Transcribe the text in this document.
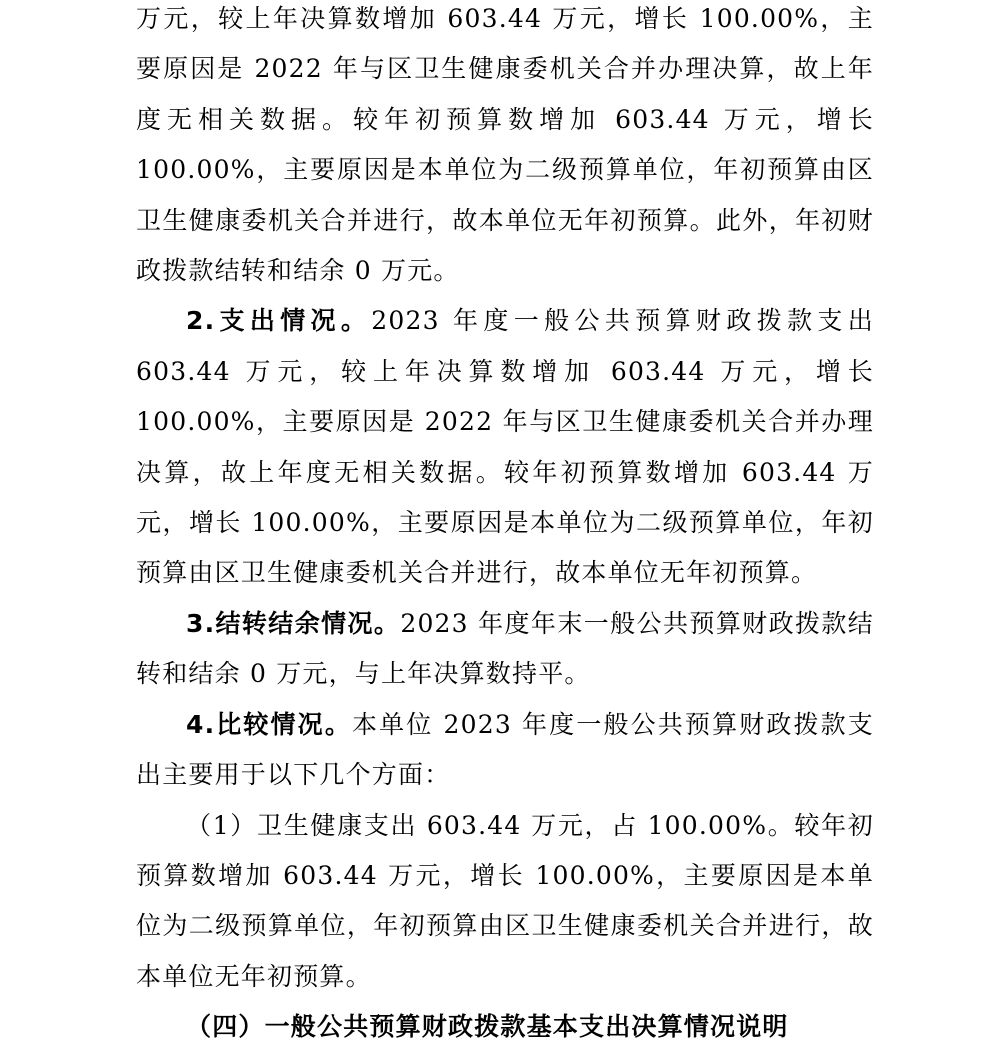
万元，较上年决算数增加 603.44 万元，增长 100.00%，主要原因是 2022 年与区卫生健康委机关合并办理决算，故上年度无相关数据。较年初预算数增加 603.44 万元，增长 100.00%，主要原因是本单位为二级预算单位，年初预算由区卫生健康委机关合并进行，故本单位无年初预算。此外，年初财政拨款结转和结余 0 万元。

2.支出情况。2023 年度一般公共预算财政拨款支出 603.44 万元，较上年决算数增加 603.44 万元，增长 100.00%，主要原因是 2022 年与区卫生健康委机关合并办理决算，故上年度无相关数据。较年初预算数增加 603.44 万元，增长 100.00%，主要原因是本单位为二级预算单位，年初预算由区卫生健康委机关合并进行，故本单位无年初预算。

3.结转结余情况。2023 年度年末一般公共预算财政拨款结转和结余 0 万元，与上年决算数持平。

4.比较情况。本单位 2023 年度一般公共预算财政拨款支出主要用于以下几个方面：

（1）卫生健康支出 603.44 万元，占 100.00%。较年初预算数增加 603.44 万元，增长 100.00%，主要原因是本单位为二级预算单位，年初预算由区卫生健康委机关合并进行，故本单位无年初预算。

（四）一般公共预算财政拨款基本支出决算情况说明
